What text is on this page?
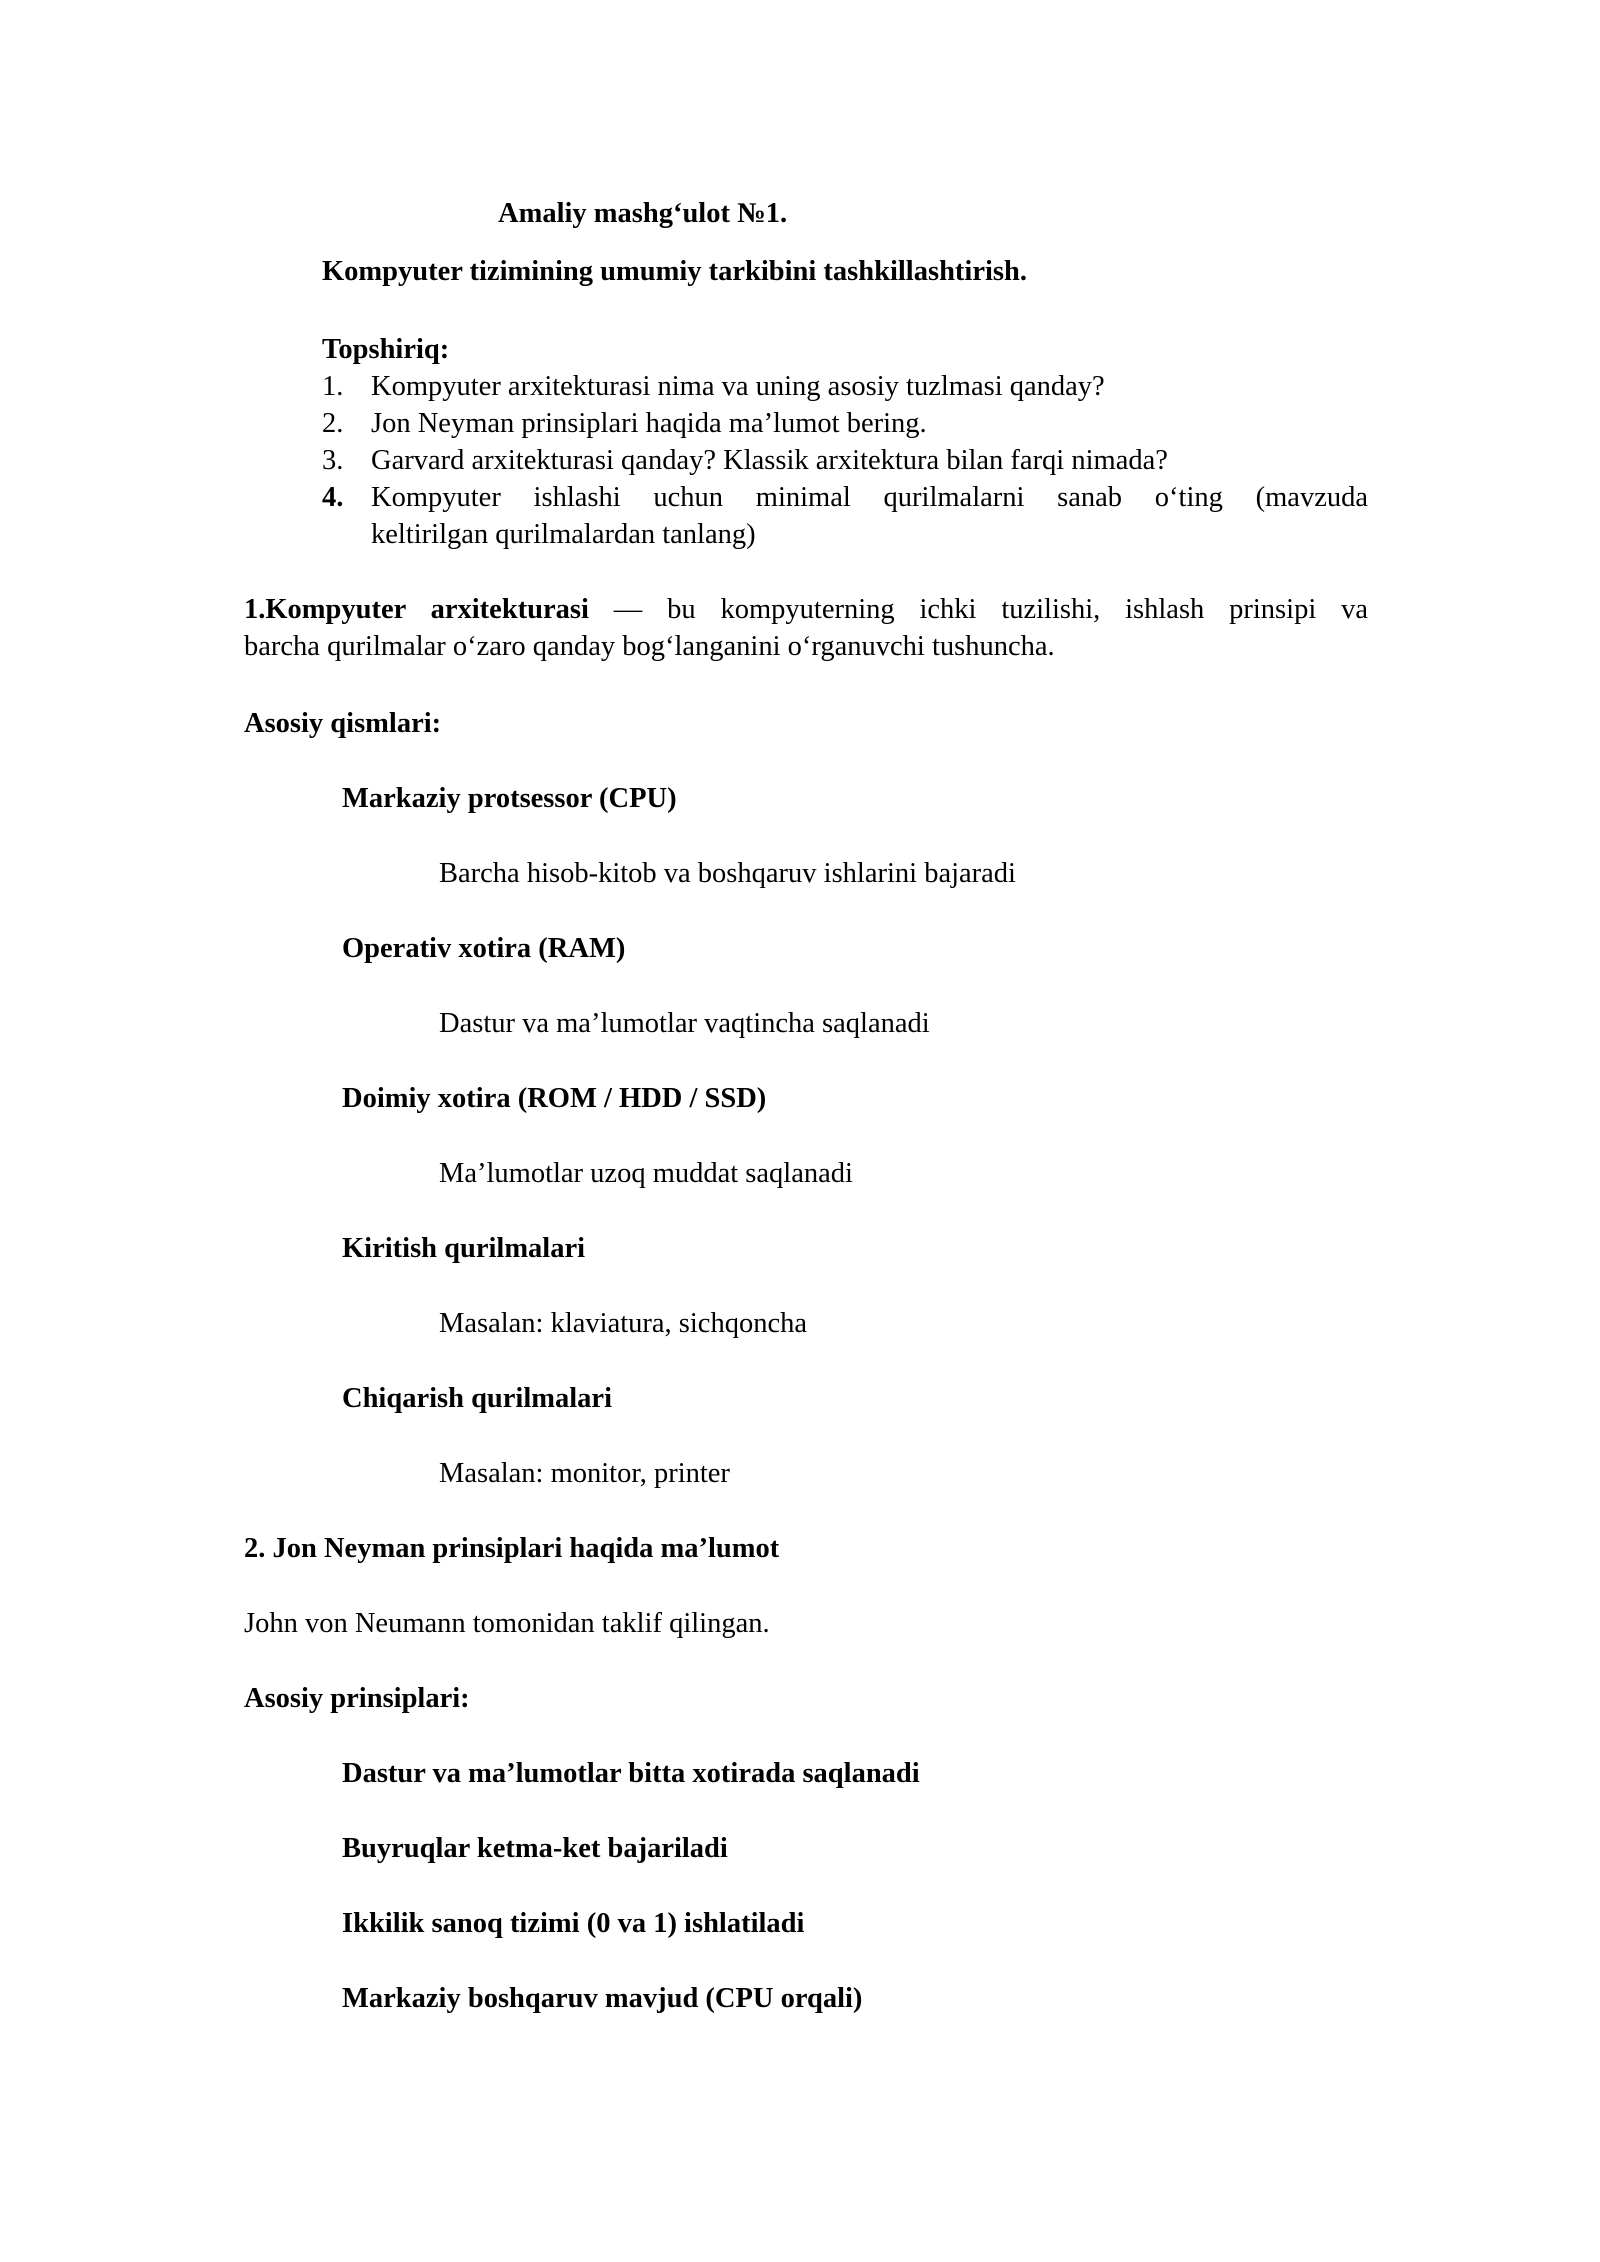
Amaliy mashg‘ulot №1.
Kompyuter tizimining umumiy tarkibini tashkillashtirish.
Topshiriq:
1. Kompyuter arxitekturasi nima va uning asosiy tuzlmasi qanday?
2. Jon Neyman prinsiplari haqida ma’lumot bering.
3. Garvard arxitekturasi qanday? Klassik arxitektura bilan farqi nimada?
4. Kompyuter ishlashi uchun minimal qurilmalarni sanab o‘ting (mavzuda
keltirilgan qurilmalardan tanlang)
1.Kompyuter arxitekturasi — bu kompyuterning ichki tuzilishi, ishlash prinsipi va
barcha qurilmalar o‘zaro qanday bog‘langanini o‘rganuvchi tushuncha.
Asosiy qismlari:
Markaziy protsessor (CPU)
Barcha hisob-kitob va boshqaruv ishlarini bajaradi
Operativ xotira (RAM)
Dastur va ma’lumotlar vaqtincha saqlanadi
Doimiy xotira (ROM / HDD / SSD)
Ma’lumotlar uzoq muddat saqlanadi
Kiritish qurilmalari
Masalan: klaviatura, sichqoncha
Chiqarish qurilmalari
Masalan: monitor, printer
2. Jon Neyman prinsiplari haqida ma’lumot
John von Neumann tomonidan taklif qilingan.
Asosiy prinsiplari:
Dastur va ma’lumotlar bitta xotirada saqlanadi
Buyruqlar ketma-ket bajariladi
Ikkilik sanoq tizimi (0 va 1) ishlatiladi
Markaziy boshqaruv mavjud (CPU orqali)
